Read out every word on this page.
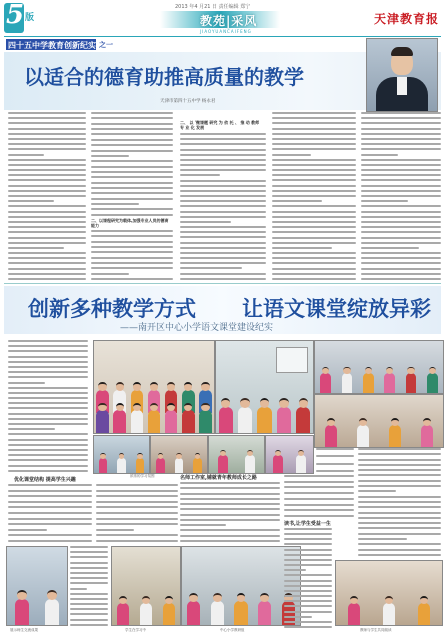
5 版
2013 年4 月21 日 责任编辑 郑宁
教苑|采风
JIAOYUANCAIFENG
天津教育报
四十五中学教育创新纪实 之一
以适合的德育助推高质量的教学
天津市第四十五中学 杨永君
二、以课程研究为载体,加强专业人员的德育能力
二、 以 '微课题 研究 为 依 托 、 推 动 教师 专 业 化 发展
创新多种教学方式 让语文课堂绽放异彩
——南开区中心小学语文课堂建设纪实
浓浓的学习氛围
展示师生交流成果	学生在学习中	中心小学教研组	教师与学生共同阅读
优化课堂结构 提高学生兴趣	名师工作室,铺就青年教师成长之路
读书,让学生受益一生
